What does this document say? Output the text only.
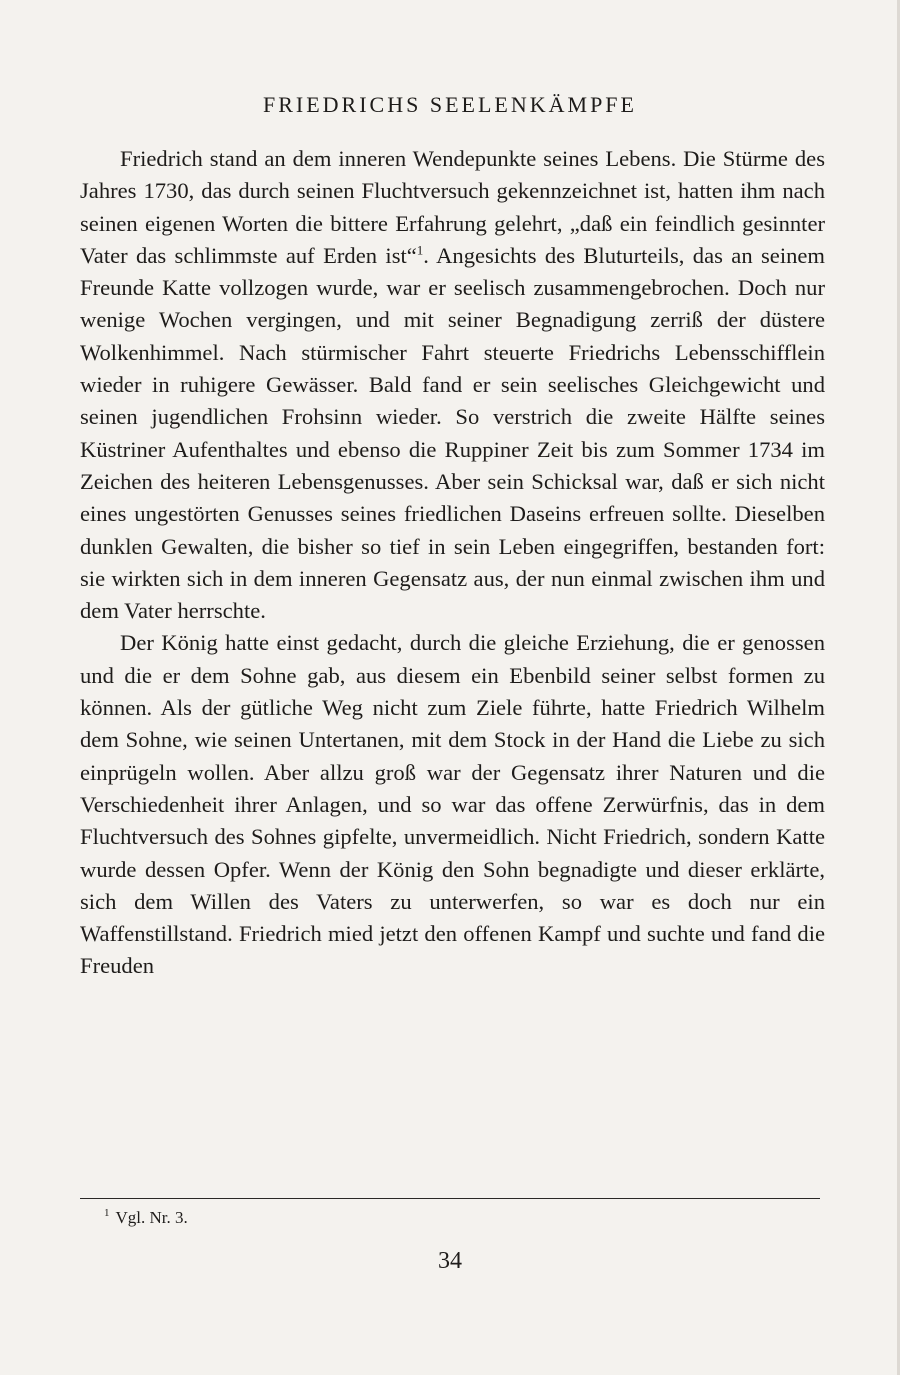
FRIEDRICHS SEELENKÄMPFE

Friedrich stand an dem inneren Wendepunkte seines Lebens. Die Stürme des Jahres 1730, das durch seinen Fluchtversuch gekennzeichnet ist, hatten ihm nach seinen eigenen Worten die bittere Erfahrung gelehrt, „daß ein feindlich gesinnter Vater das schlimmste auf Erden ist“$^1$. Angesichts des Bluturteils, das an seinem Freunde Katte vollzogen wurde, war er seelisch zusammengebrochen. Doch nur wenige Wochen vergingen, und mit seiner Begnadigung zerriß der düstere Wolkenhimmel. Nach stürmischer Fahrt steuerte Friedrichs Lebensschifflein wieder in ruhigere Gewässer. Bald fand er sein seelisches Gleichgewicht und seinen jugendlichen Frohsinn wieder. So verstrich die zweite Hälfte seines Küstriner Aufenthaltes und ebenso die Ruppiner Zeit bis zum Sommer 1734 im Zeichen des heiteren Lebensgenusses. Aber sein Schicksal war, daß er sich nicht eines ungestörten Genusses seines friedlichen Daseins erfreuen sollte. Dieselben dunklen Gewalten, die bisher so tief in sein Leben eingegriffen, bestanden fort: sie wirkten sich in dem inneren Gegensatz aus, der nun einmal zwischen ihm und dem Vater herrschte.

Der König hatte einst gedacht, durch die gleiche Erziehung, die er genossen und die er dem Sohne gab, aus diesem ein Ebenbild seiner selbst formen zu können. Als der gütliche Weg nicht zum Ziele führte, hatte Friedrich Wilhelm dem Sohne, wie seinen Untertanen, mit dem Stock in der Hand die Liebe zu sich einprügeln wollen. Aber allzu groß war der Gegensatz ihrer Naturen und die Verschiedenheit ihrer Anlagen, und so war das offene Zerwürfnis, das in dem Fluchtversuch des Sohnes gipfelte, unvermeidlich. Nicht Friedrich, sondern Katte wurde dessen Opfer. Wenn der König den Sohn begnadigte und dieser erklärte, sich dem Willen des Vaters zu unterwerfen, so war es doch nur ein Waffenstillstand. Friedrich mied jetzt den offenen Kampf und suchte und fand die Freuden

$^1$ Vgl. Nr. 3.

34
